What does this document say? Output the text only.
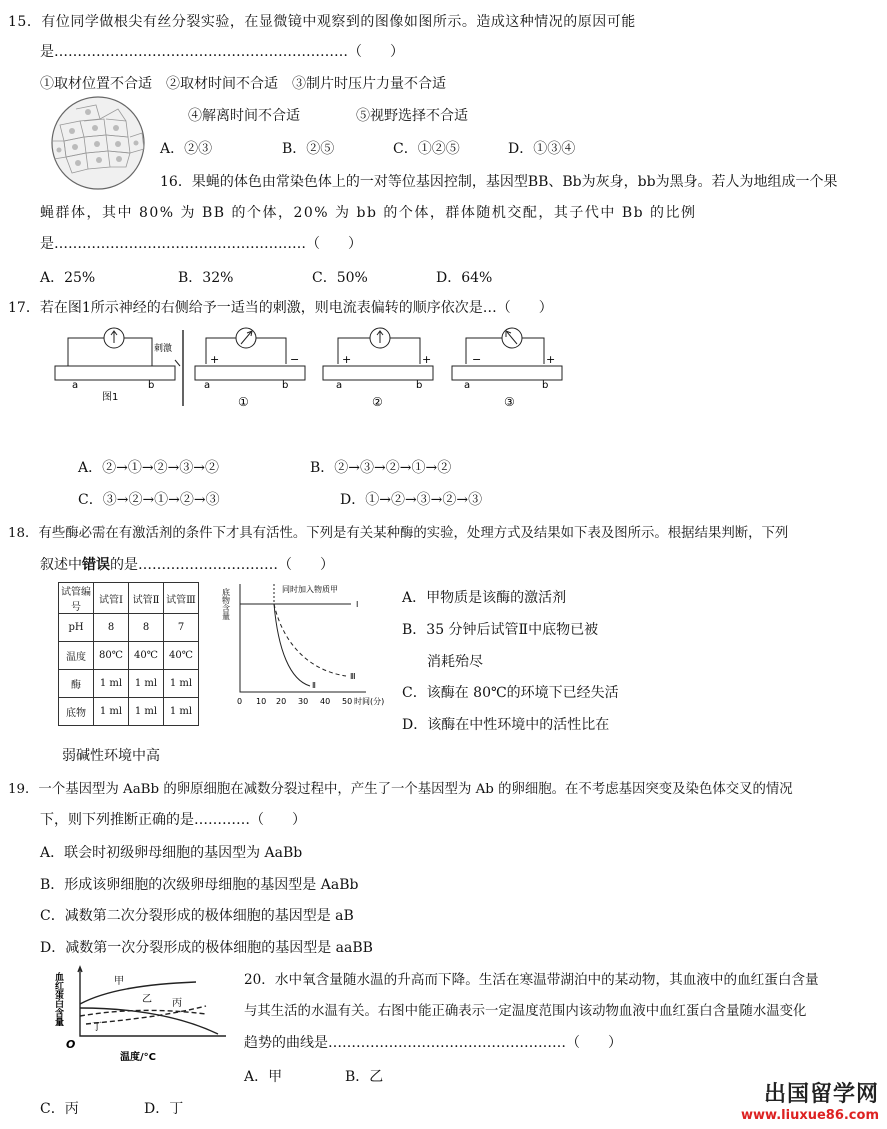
15．有位同学做根尖有丝分裂实验，在显微镜中观察到的图像如图所示。造成这种情况的原因可能
是………………………………………………………（　　）
①取材位置不合适　②取材时间不合适　③制片时压片力量不合适
④解离时间不合适　　　　⑤视野选择不合适
A．②③	B．②⑤	C．①②⑤	D．①③④
16．果蝇的体色由常染色体上的一对等位基因控制，基因型BB、Bb为灰身，bb为黑身。若人为地组成一个果
蝇群体，其中 80% 为 BB 的个体，20% 为 bb 的个体，群体随机交配，其子代中 Bb 的比例
是………………………………………………（　　）
A．25%	B．32%	C．50%	D．64%
17．若在图1所示神经的右侧给予一适当的刺激，则电流表偏转的顺序依次是…（　　）
刺激
a	b
图1
+	−
a	b
①
+	+
a	b
②
−	+
a	b
③
A．②→①→②→③→②	B．②→③→②→①→②
C．③→②→①→②→③	D．①→②→③→②→③
18．有些酶必需在有激活剂的条件下才具有活性。下列是有关某种酶的实验，处理方式及结果如下表及图所示。根据结果判断，下列
叙述中错误的是…………………………（　　）
试管编号	试管Ⅰ	试管Ⅱ	试管Ⅲ
pH	8	8	7
温度	80℃	40℃	40℃
酶	1 ml	1 ml	1 ml
底物	1 ml	1 ml	1 ml
底物含量	同时加入物质甲
Ⅰ
Ⅱ
Ⅲ
0 10 20 30 40 50 时间(分)
A．甲物质是该酶的激活剂
B．35 分钟后试管Ⅱ中底物已被
消耗殆尽
C．该酶在 80℃的环境下已经失活
D．该酶在中性环境中的活性比在
弱碱性环境中高
19．一个基因型为 AaBb 的卵原细胞在减数分裂过程中，产生了一个基因型为 Ab 的卵细胞。在不考虑基因突变及染色体交叉的情况
下，则下列推断正确的是…………（　　）
A．联会时初级卵母细胞的基因型为 AaBb
B．形成该卵细胞的次级卵母细胞的基因型是 AaBb
C．减数第二次分裂形成的极体细胞的基因型是 aB
D．减数第一次分裂形成的极体细胞的基因型是 aaBB
血红蛋白含量
O
温度/°C
甲
乙 丙
丁
20．水中氧含量随水温的升高而下降。生活在寒温带湖泊中的某动物，其血液中的血红蛋白含量
与其生活的水温有关。右图中能正确表示一定温度范围内该动物血液中血红蛋白含量随水温变化
趋势的曲线是……………………………………………（　　）
A．甲	B．乙
C．丙	D．丁
出国留学网
www.liuxue86.com
